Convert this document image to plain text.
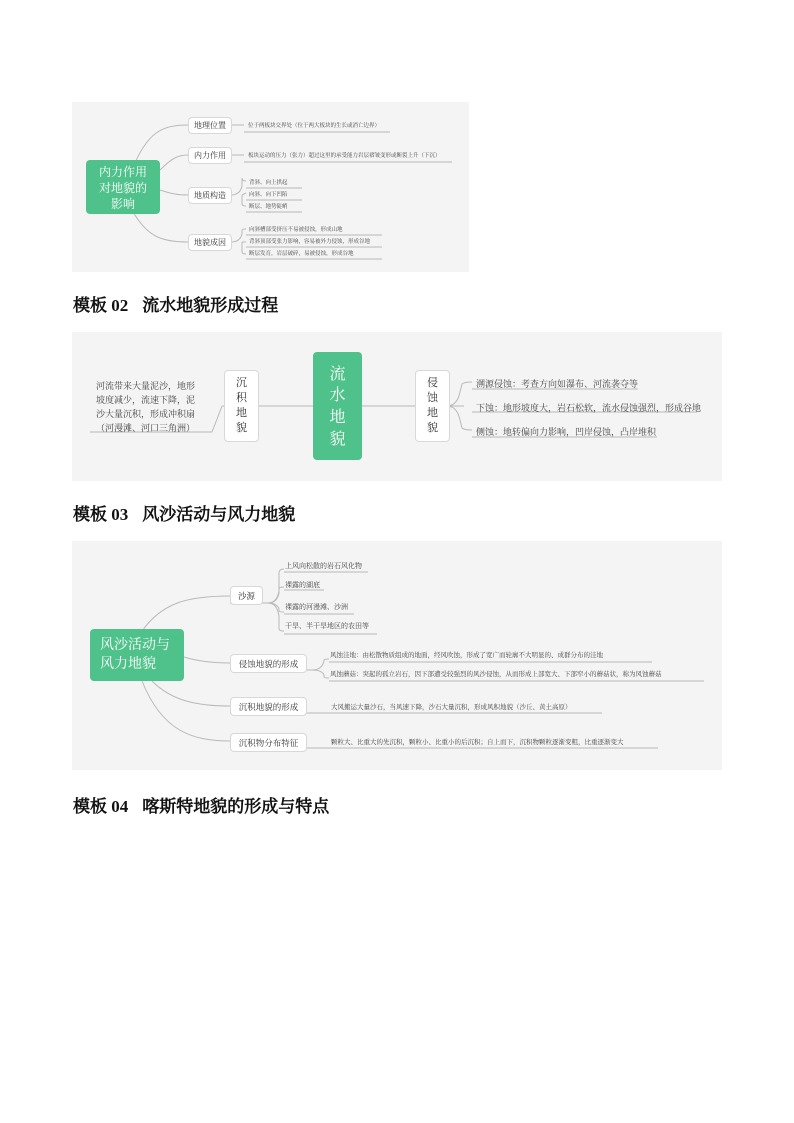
内力作用
对地貌的
影响
地理位置
内力作用
地质构造
地貌成因
位于两板块交界处（位于两大板块的生长或消亡边界）
板块运动的压力（张力）超过这里的承受能力岩层褶皱变形或断裂上升（下沉）
背斜、向上拱起
向斜、向下凹陷
断层、地势陡峭
向斜槽部受挤压不易被侵蚀，形成山地
背斜顶部受张力影响，容易被外力侵蚀，形成谷地
断层发育，岩层破碎，易被侵蚀，形成谷地
模板 02 流水地貌形成过程
河流带来大量泥沙，地形
坡度减少，流速下降，泥
沙大量沉积，形成冲积扇
（河漫滩、河口三角洲）
沉
积
地
貌
流
水
地
貌
侵
蚀
地
貌
溯源侵蚀：考查方向如瀑布、河流袭夺等
下蚀：地形坡度大，岩石松软，流水侵蚀强烈，形成谷地
侧蚀：地转偏向力影响，凹岸侵蚀，凸岸堆积
模板 03 风沙活动与风力地貌
风沙活动与
风力地貌
沙源
侵蚀地貌的形成
沉积地貌的形成
沉积物分布特征
上风向松散的岩石风化物
裸露的湖底
裸露的河漫滩、沙洲
干旱、半干旱地区的农田等
风蚀洼地：由松散物质组成的地面，经风吹蚀，形成了宽广而轮廓不大明显的、成群分布的洼地
风蚀蘑菇：突起的孤立岩石，因下部遭受较强烈的风沙侵蚀，从而形成上部宽大、下部窄小的蘑菇状，称为风蚀蘑菇
大风搬运大量沙石，当风速下降，沙石大量沉积，形成风积地貌（沙丘、黄土高原）
颗粒大、比重大的先沉积，颗粒小、比重小的后沉积；自上而下，沉积物颗粒逐渐变粗，比重逐渐变大
模板 04 喀斯特地貌的形成与特点
